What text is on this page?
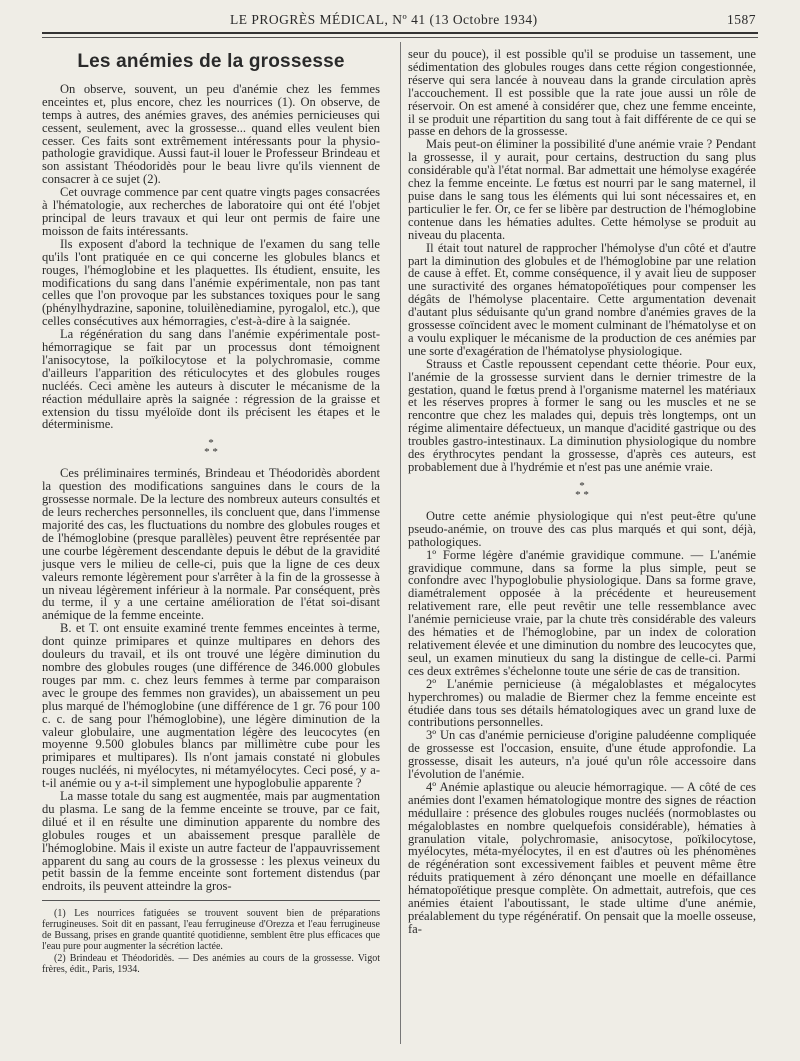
LE PROGRÈS MÉDICAL, Nº 41 (13 Octobre 1934)	1587
Les anémies de la grossesse

On observe, souvent, un peu d'anémie chez les femmes enceintes et, plus encore, chez les nourrices (1). On observe, de temps à autres, des anémies graves, des anémies pernicieuses qui cessent, seulement, avec la grossesse... quand elles veulent bien cesser. Ces faits sont extrêmement intéressants pour la physio-pathologie gravidique. Aussi faut-il louer le Professeur Brindeau et son assistant Théodoridès pour le beau livre qu'ils viennent de consacrer à ce sujet (2).

Cet ouvrage commence par cent quatre vingts pages consacrées à l'hématologie, aux recherches de laboratoire qui ont été l'objet principal de leurs travaux et qui leur ont permis de faire une moisson de faits intéressants.

Ils exposent d'abord la technique de l'examen du sang telle qu'ils l'ont pratiquée en ce qui concerne les globules blancs et rouges, l'hémoglobine et les plaquettes. Ils étudient, ensuite, les modifications du sang dans l'anémie expérimentale, non pas tant celles que l'on provoque par les substances toxiques pour le sang (phénylhydrazine, saponine, toluilènediamine, pyrogalol, etc.), que celles consécutives aux hémorragies, c'est-à-dire à la saignée.

La régénération du sang dans l'anémie expérimentale post-hémorragique se fait par un processus dont témoignent l'anisocytose, la poïkilocytose et la polychromasie, comme d'ailleurs l'apparition des réticulocytes et des globules rouges nucléés. Ceci amène les auteurs à discuter le mécanisme de la réaction médullaire après la saignée : régression de la graisse et extension du tissu myéloïde dont ils précisent les étapes et le déterminisme.

*
* *

Ces préliminaires terminés, Brindeau et Théodoridès abordent la question des modifications sanguines dans le cours de la grossesse normale. De la lecture des nombreux auteurs consultés et de leurs recherches personnelles, ils concluent que, dans l'immense majorité des cas, les fluctuations du nombre des globules rouges et de l'hémoglobine (presque parallèles) peuvent être représentée par une courbe légèrement descendante depuis le début de la gravidité jusque vers le milieu de celle-ci, puis que la ligne de ces deux valeurs remonte légèrement pour s'arrêter à la fin de la grossesse à un niveau légèrement inférieur à la normale. Par conséquent, près du terme, il y a une certaine amélioration de l'état soi-disant anémique de la femme enceinte.

B. et T. ont ensuite examiné trente femmes enceintes à terme, dont quinze primipares et quinze multipares en dehors des douleurs du travail, et ils ont trouvé une légère diminution du nombre des globules rouges (une différence de 346.000 globules rouges par mm. c. chez leurs femmes à terme par comparaison avec le groupe des femmes non gravides), un abaissement un peu plus marqué de l'hémoglobine (une différence de 1 gr. 76 pour 100 c. c. de sang pour l'hémoglobine), une légère diminution de la valeur globulaire, une augmentation légère des leucocytes (en moyenne 9.500 globules blancs par millimètre cube pour les primipares et multipares). Ils n'ont jamais constaté ni globules rouges nucléés, ni myélocytes, ni métamyélocytes. Ceci posé, y a-t-il anémie ou y a-t-il simplement une hypoglobulie apparente ?

La masse totale du sang est augmentée, mais par augmentation du plasma. Le sang de la femme enceinte se trouve, par ce fait, dilué et il en résulte une diminution apparente du nombre des globules rouges et un abaissement presque parallèle de l'hémoglobine. Mais il existe un autre facteur de l'appauvrissement apparent du sang au cours de la grossesse : les plexus veineux du petit bassin de la femme enceinte sont fortement distendus (par endroits, ils peuvent atteindre la gros-

(1) Les nourrices fatiguées se trouvent souvent bien de préparations ferrugineuses. Soit dit en passant, l'eau ferrugineuse d'Orezza et l'eau ferrugineuse de Bussang, prises en grande quantité quotidienne, semblent être plus efficaces que l'eau pure pour augmenter la sécrétion lactée.

(2) Brindeau et Théodoridès. — Des anémies au cours de la grossesse. Vigot frères, édit., Paris, 1934.

seur du pouce), il est possible qu'il se produise un tassement, une sédimentation des globules rouges dans cette région congestionnée, réserve qui sera lancée à nouveau dans la grande circulation après l'accouchement. Il est possible que la rate joue aussi un rôle de réservoir. On est amené à considérer que, chez une femme enceinte, il se produit une répartition du sang tout à fait différente de ce qui se passe en dehors de la grossesse.

Mais peut-on éliminer la possibilité d'une anémie vraie ? Pendant la grossesse, il y aurait, pour certains, destruction du sang plus considérable qu'à l'état normal. Bar admettait une hémolyse exagérée chez la femme enceinte. Le fœtus est nourri par le sang maternel, il puise dans le sang tous les éléments qui lui sont nécessaires et, en particulier le fer. Or, ce fer se libère par destruction de l'hémoglobine contenue dans les hématies adultes. Cette hémolyse se produit au niveau du placenta.

Il était tout naturel de rapprocher l'hémolyse d'un côté et d'autre part la diminution des globules et de l'hémoglobine par une relation de cause à effet. Et, comme conséquence, il y avait lieu de supposer une suractivité des organes hématopoïétiques pour compenser les dégâts de l'hémolyse placentaire. Cette argumentation devenait d'autant plus séduisante qu'un grand nombre d'anémies graves de la grossesse coïncident avec le moment culminant de l'hématolyse et on a voulu expliquer le mécanisme de la production de ces anémies par une sorte d'exagération de l'hématolyse physiologique.

Strauss et Castle repoussent cependant cette théorie. Pour eux, l'anémie de la grossesse survient dans le dernier trimestre de la gestation, quand le fœtus prend à l'organisme maternel les matériaux et les réserves propres à former le sang ou les muscles et ne se rencontre que chez les malades qui, depuis très longtemps, ont un régime alimentaire défectueux, un manque d'acidité gastrique ou des troubles gastro-intestinaux. La diminution physiologique du nombre des érythrocytes pendant la grossesse, d'après ces auteurs, est probablement due à l'hydrémie et n'est pas une anémie vraie.

*
* *

Outre cette anémie physiologique qui n'est peut-être qu'une pseudo-anémie, on trouve des cas plus marqués et qui sont, déjà, pathologiques.

1º Forme légère d'anémie gravidique commune. — L'anémie gravidique commune, dans sa forme la plus simple, peut se confondre avec l'hypoglobulie physiologique. Dans sa forme grave, diamétralement opposée à la précédente et heureusement relativement rare, elle peut revêtir une telle ressemblance avec l'anémie pernicieuse vraie, par la chute très considérable des valeurs des hématies et de l'hémoglobine, par un index de coloration relativement élevée et une diminution du nombre des leucocytes que, seul, un examen minutieux du sang la distingue de celle-ci. Parmi ces deux extrêmes s'échelonne toute une série de cas de transition.

2º L'anémie pernicieuse (à mégaloblastes et mégalocytes hyperchromes) ou maladie de Biermer chez la femme enceinte est étudiée dans tous ses détails hématologiques avec un grand luxe de contributions personnelles.

3º Un cas d'anémie pernicieuse d'origine paludéenne compliquée de grossesse est l'occasion, ensuite, d'une étude approfondie. La grossesse, disait les auteurs, n'a joué qu'un rôle accessoire dans l'évolution de l'anémie.

4º Anémie aplastique ou aleucie hémorragique. — A côté de ces anémies dont l'examen hématologique montre des signes de réaction médullaire : présence des globules rouges nucléés (normoblastes ou mégaloblastes en nombre quelquefois considérable), hématies à granulation vitale, polychromasie, anisocytose, poïkilocytose, myélocytes, méta-myélocytes, il en est d'autres où les phénomènes de régénération sont excessivement faibles et peuvent même être réduits pratiquement à zéro dénonçant une moelle en défaillance hématopoïétique presque complète. On admettait, autrefois, que ces anémies étaient l'aboutissant, le stade ultime d'une anémie, préalablement du type régénératif. On pensait que la moelle osseuse, fa-
